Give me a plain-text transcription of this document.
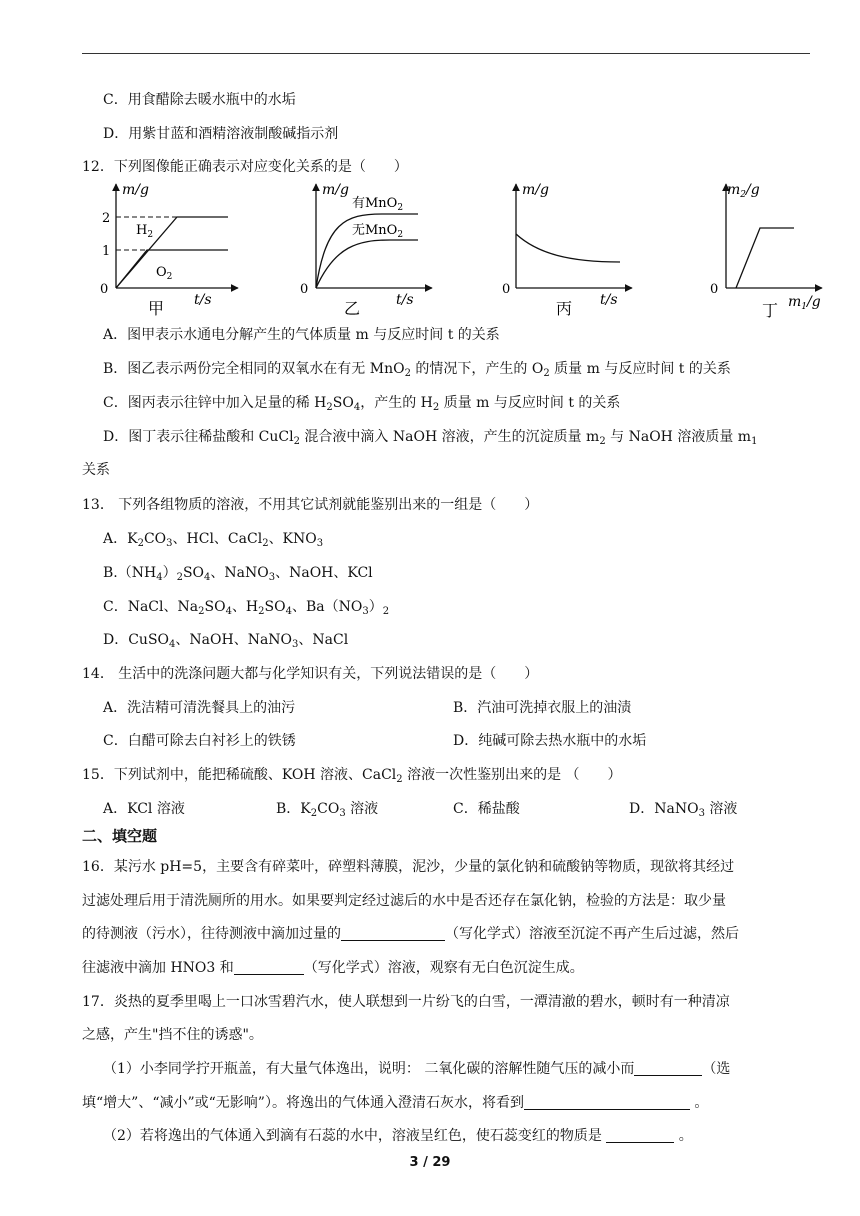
C．用食醋除去暖水瓶中的水垢
D．用紫甘蓝和酒精溶液制酸碱指示剂
12．下列图像能正确表示对应变化关系的是（　　）
m/g
t/s
0
2
1
$H_2$
$O_2$
甲
m/g
t/s
0
有MnO$_2$
无MnO$_2$
乙
m/g
t/s
0
丙
$m_2/g$
$m_1/g$
0
丁
A．图甲表示水通电分解产生的气体质量 m 与反应时间 t 的关系
B．图乙表示两份完全相同的双氧水在有无 MnO$_2$ 的情况下，产生的 $O_2$ 质量 m 与反应时间 t 的关系
C．图丙表示往锌中加入足量的稀 $H_2SO_4$，产生的 $H_2$ 质量 m 与反应时间 t 的关系
D．图丁表示往稀盐酸和 CuCl$_2$ 混合液中滴入 NaOH 溶液，产生的沉淀质量 $m_2$ 与 NaOH 溶液质量 $m_1$
关系
13． 下列各组物质的溶液，不用其它试剂就能鉴别出来的一组是（　　）
A．$K_2CO_3$、HCl、CaCl$_2$、$KNO_3$
$B.(NH_4)_2SO_4$、NaNO$_3$、NaOH、KCl
C．NaCl、$Na_2SO_4$、$H_2SO_4$、$Ba(NO_3)_2$
D．CuSO$_4$、NaOH、NaNO$_3$、NaCl
14． 生活中的洗涤问题大都与化学知识有关，下列说法错误的是（　　）
A．洗洁精可清洗餐具上的油污	B．汽油可洗掉衣服上的油渍
C．白醋可除去白衬衫上的铁锈	D．纯碱可除去热水瓶中的水垢
15．下列试剂中，能把稀硫酸、KOH 溶液、CaCl$_2$ 溶液一次性鉴别出来的是 （　　）
A．KCl 溶液	B．$K_2CO_3$ 溶液	C．稀盐酸	D．NaNO$_3$ 溶液
二、填空题
16．某污水 pH=5，主要含有碎菜叶，碎塑料薄膜，泥沙，少量的氯化钠和硫酸钠等物质，现欲将其经过
过滤处理后用于清洗厕所的用水。如果要判定经过滤后的水中是否还存在氯化钠，检验的方法是：取少量
的待测液（污水），往待测液中滴加过量的	（写化学式）溶液至沉淀不再产生后过滤，然后
往滤液中滴加 HNO3 和	（写化学式）溶液，观察有无白色沉淀生成。
17．炎热的夏季里喝上一口冰雪碧汽水，使人联想到一片纷飞的白雪，一潭清澈的碧水，顿时有一种清凉
之感，产生"挡不住的诱惑"。
（1）小李同学拧开瓶盖，有大量气体逸出，说明： 二氧化碳的溶解性随气压的减小而	（选
填“增大”、“减小”或“无影响”）。将逸出的气体通入澄清石灰水，将看到	。
（2）若将逸出的气体通入到滴有石蕊的水中，溶液呈红色，使石蕊变红的物质是	。
3 / 29
